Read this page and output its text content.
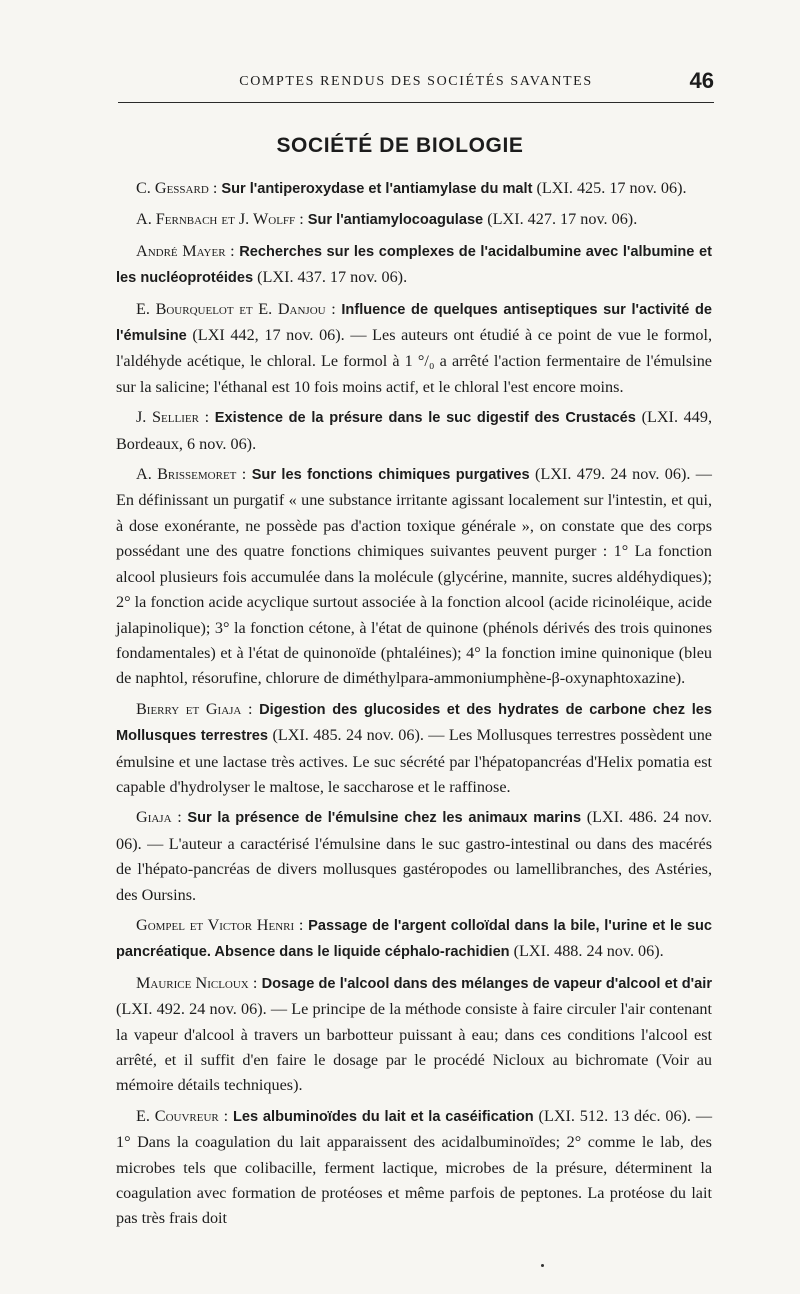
COMPTES RENDUS DES SOCIÉTÉS SAVANTES	46
SOCIÉTÉ DE BIOLOGIE

C. Gessard : Sur l'antiperoxydase et l'antiamylase du malt (LXI. 425. 17 nov. 06).

A. Fernbach et J. Wolff : Sur l'antiamylocoagulase (LXI. 427. 17 nov. 06).

André Mayer : Recherches sur les complexes de l'acidalbumine avec l'albumine et les nucléoprotéides (LXI. 437. 17 nov. 06).

E. Bourquelot et E. Danjou : Influence de quelques antiseptiques sur l'activité de l'émulsine (LXI 442, 17 nov. 06). — Les auteurs ont étudié à ce point de vue le formol, l'aldéhyde acétique, le chloral. Le formol à 1 °/₀ a arrêté l'action fermentaire de l'émulsine sur la salicine; l'éthanal est 10 fois moins actif, et le chloral l'est encore moins.

J. Sellier : Existence de la présure dans le suc digestif des Crustacés (LXI. 449, Bordeaux, 6 nov. 06).

A. Brissemoret : Sur les fonctions chimiques purgatives (LXI. 479. 24 nov. 06). — En définissant un purgatif « une substance irritante agissant localement sur l'intestin, et qui, à dose exonérante, ne possède pas d'action toxique générale », on constate que des corps possédant une des quatre fonctions chimiques suivantes peuvent purger : 1° La fonction alcool plusieurs fois accumulée dans la molécule (glycérine, mannite, sucres aldéhydiques); 2° la fonction acide acyclique surtout associée à la fonction alcool (acide ricinoléique, acide jalapinolique); 3° la fonction cétone, à l'état de quinone (phénols dérivés des trois quinones fondamentales) et à l'état de quinonoïde (phtaléines); 4° la fonction imine quinonique (bleu de naphtol, résorufine, chlorure de diméthylpara-ammoniumphène-β-oxynaphtoxazine).

Bierry et Giaja : Digestion des glucosides et des hydrates de carbone chez les Mollusques terrestres (LXI. 485. 24 nov. 06). — Les Mollusques terrestres possèdent une émulsine et une lactase très actives. Le suc sécrété par l'hépatopancréas d'Helix pomatia est capable d'hydrolyser le maltose, le saccharose et le raffinose.

Giaja : Sur la présence de l'émulsine chez les animaux marins (LXI. 486. 24 nov. 06). — L'auteur a caractérisé l'émulsine dans le suc gastro-intestinal ou dans des macérés de l'hépato-pancréas de divers mollusques gastéropodes ou lamellibranches, des Astéries, des Oursins.

Gompel et Victor Henri : Passage de l'argent colloïdal dans la bile, l'urine et le suc pancréatique. Absence dans le liquide céphalo-rachidien (LXI. 488. 24 nov. 06).

Maurice Nicloux : Dosage de l'alcool dans des mélanges de vapeur d'alcool et d'air (LXI. 492. 24 nov. 06). — Le principe de la méthode consiste à faire circuler l'air contenant la vapeur d'alcool à travers un barbotteur puissant à eau; dans ces conditions l'alcool est arrêté, et il suffit d'en faire le dosage par le procédé Nicloux au bichromate (Voir au mémoire détails techniques).

E. Couvreur : Les albuminoïdes du lait et la caséification (LXI. 512. 13 déc. 06). — 1° Dans la coagulation du lait apparaissent des acidalbuminoïdes; 2° comme le lab, des microbes tels que colibacille, ferment lactique, microbes de la présure, déterminent la coagulation avec formation de protéoses et même parfois de peptones. La protéose du lait pas très frais doit
